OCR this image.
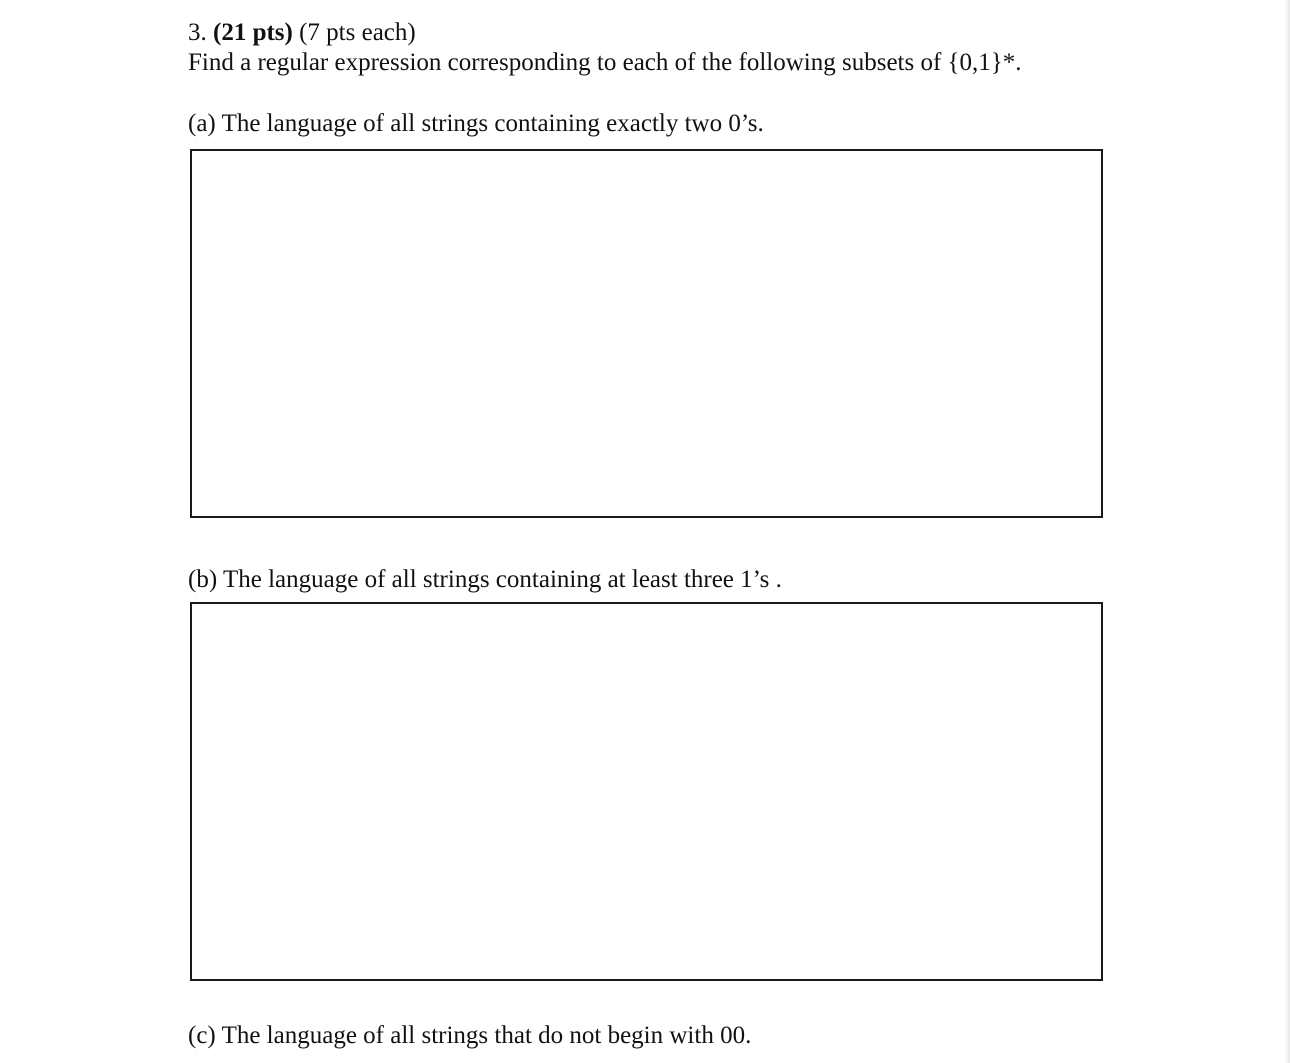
3. (21 pts) (7 pts each)

Find a regular expression corresponding to each of the following subsets of {0,1}*.

(a) The language of all strings containing exactly two 0’s.

(b) The language of all strings containing at least three 1’s .

(c) The language of all strings that do not begin with 00.
